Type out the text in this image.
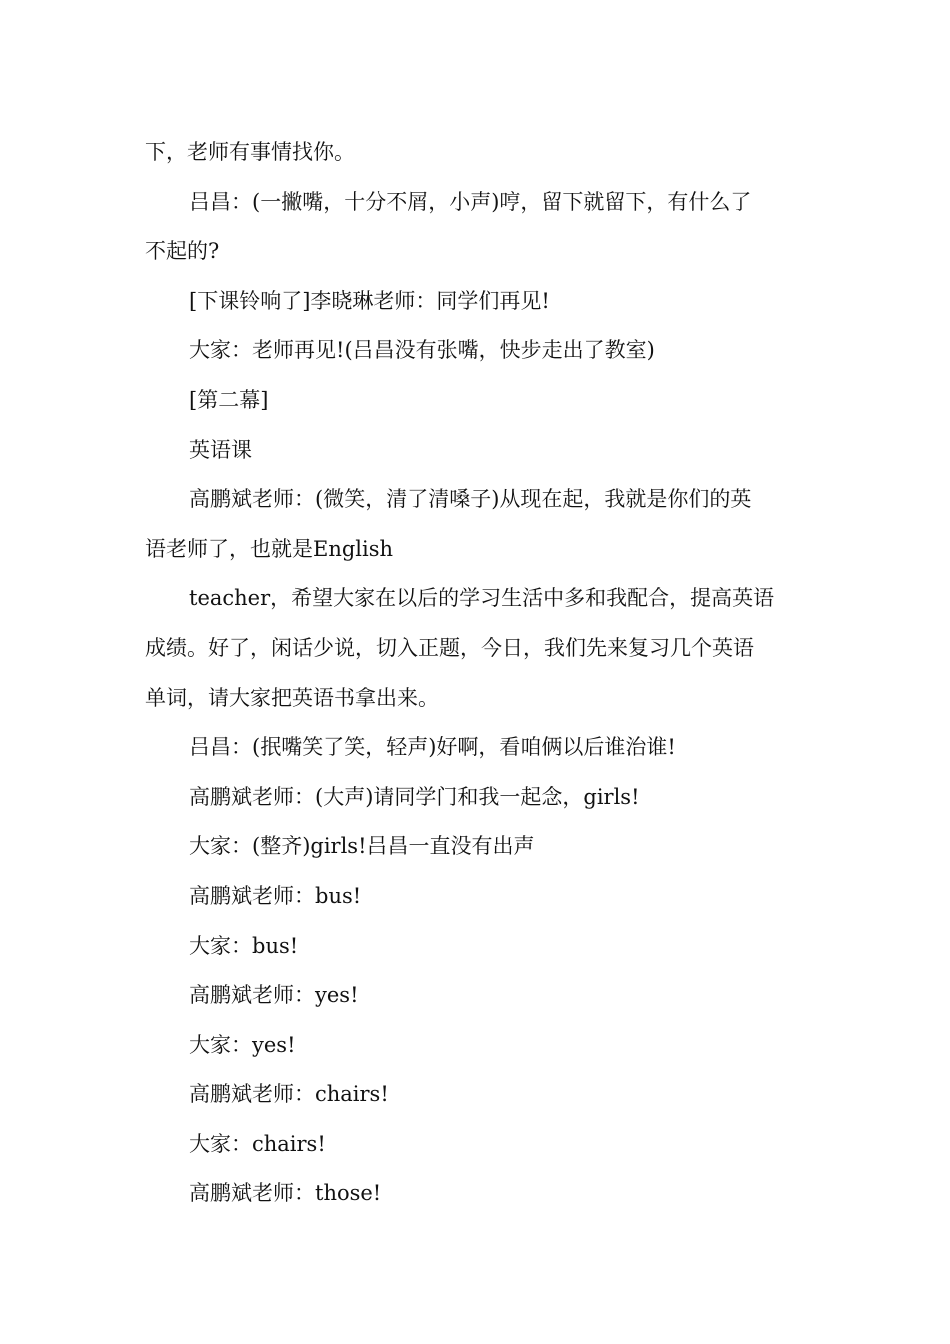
下，老师有事情找你。

吕昌：(一撇嘴，十分不屑，小声)哼，留下就留下，有什么了

不起的?

[下课铃响了]李晓琳老师：同学们再见!

大家：老师再见!(吕昌没有张嘴，快步走出了教室)

[第二幕]

英语课

高鹏斌老师：(微笑，清了清嗓子)从现在起，我就是你们的英

语老师了，也就是English

teacher，希望大家在以后的学习生活中多和我配合，提高英语

成绩。好了，闲话少说，切入正题，今日，我们先来复习几个英语

单词，请大家把英语书拿出来。

吕昌：(抿嘴笑了笑，轻声)好啊，看咱俩以后谁治谁!

高鹏斌老师：(大声)请同学门和我一起念，girls!

大家：(整齐)girls!吕昌一直没有出声

高鹏斌老师：bus!

大家：bus!

高鹏斌老师：yes!

大家：yes!

高鹏斌老师：chairs!

大家：chairs!

高鹏斌老师：those!
